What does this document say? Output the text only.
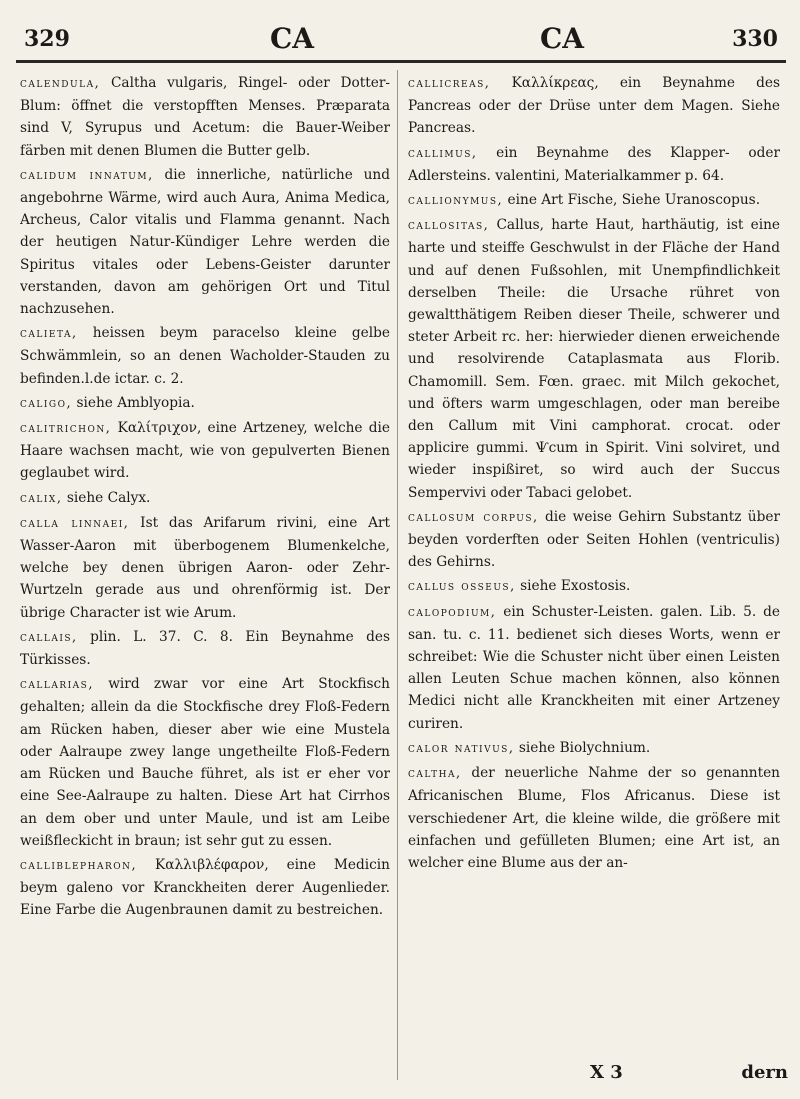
329	CA	CA	330

calendula, Caltha vulgaris, Ringel- oder Dotter-Blum: öffnet die verstopfften Menses. Præparata sind V, Syrupus und Acetum: die Bauer-Weiber färben mit denen Blumen die Butter gelb.

calidum innatum, die innerliche, natürliche und angebohrne Wärme, wird auch Aura, Anima Medica, Archeus, Calor vitalis und Flamma genannt. Nach der heutigen Natur-Kündiger Lehre werden die Spiritus vitales oder Lebens-Geister darunter verstanden, davon am gehörigen Ort und Titul nachzusehen.

calieta, heissen beym paracelso kleine gelbe Schwämmlein, so an denen Wacholder-Stauden zu befinden.l.de ictar. c. 2.

caligo, siehe Amblyopia.

calitrichon, Καλίτριχον, eine Artzeney, welche die Haare wachsen macht, wie von gepulverten Bienen geglaubet wird.

calix, siehe Calyx.

calla linnaei, Ist das Arifarum rivini, eine Art Wasser-Aaron mit überbogenem Blumenkelche, welche bey denen übrigen Aaron- oder Zehr-Wurtzeln gerade aus und ohrenförmig ist. Der übrige Character ist wie Arum.

callais, plin. L. 37. C. 8. Ein Beynahme des Türkisses.

callarias, wird zwar vor eine Art Stockfisch gehalten; allein da die Stockfische drey Floß-Federn am Rücken haben, dieser aber wie eine Mustela oder Aalraupe zwey lange ungetheilte Floß-Federn am Rücken und Bauche führet, als ist er eher vor eine See-Aalraupe zu halten. Diese Art hat Cirrhos an dem ober und unter Maule, und ist am Leibe weißfleckicht in braun; ist sehr gut zu essen.

calliblepharon, Καλλιβλέφαρον, eine Medicin beym galeno vor Kranckheiten derer Augenlieder. Eine Farbe die Augenbraunen damit zu bestreichen.

callicreas, Καλλίκρεας, ein Beynahme des Pancreas oder der Drüse unter dem Magen. Siehe Pancreas.

callimus, ein Beynahme des Klapper- oder Adlersteins. valentini, Materialkammer p. 64.

callionymus, eine Art Fische, Siehe Uranoscopus.

callositas, Callus, harte Haut, harthäutig, ist eine harte und steiffe Geschwulst in der Fläche der Hand und auf denen Fußsohlen, mit Unempfindlichkeit derselben Theile: die Ursache rühret von gewaltthätigem Reiben dieser Theile, schwerer und steter Arbeit rc. her: hierwieder dienen erweichende und resolvirende Cataplasmata aus Florib. Chamomill. Sem. Fœn. graec. mit Milch gekochet, und öfters warm umgeschlagen, oder man bereibe den Callum mit Vini camphorat. crocat. oder applicire gummi. Ѱcum in Spirit. Vini solviret, und wieder inspißiret, so wird auch der Succus Sempervivi oder Tabaci gelobet.

callosum corpus, die weise Gehirn Substantz über beyden vorderften oder Seiten Hohlen (ventriculis) des Gehirns.

callus osseus, siehe Exostosis.

calopodium, ein Schuster-Leisten. galen. Lib. 5. de san. tu. c. 11. bedienet sich dieses Worts, wenn er schreibet: Wie die Schuster nicht über einen Leisten allen Leuten Schue machen können, also können Medici nicht alle Kranckheiten mit einer Artzeney curiren.

calor nativus, siehe Biolychnium.

caltha, der neuerliche Nahme der so genannten Africanischen Blume, Flos Africanus. Diese ist verschiedener Art, die kleine wilde, die größere mit einfachen und gefülleten Blumen; eine Art ist, an welcher eine Blume aus der an-

X 3	dern
